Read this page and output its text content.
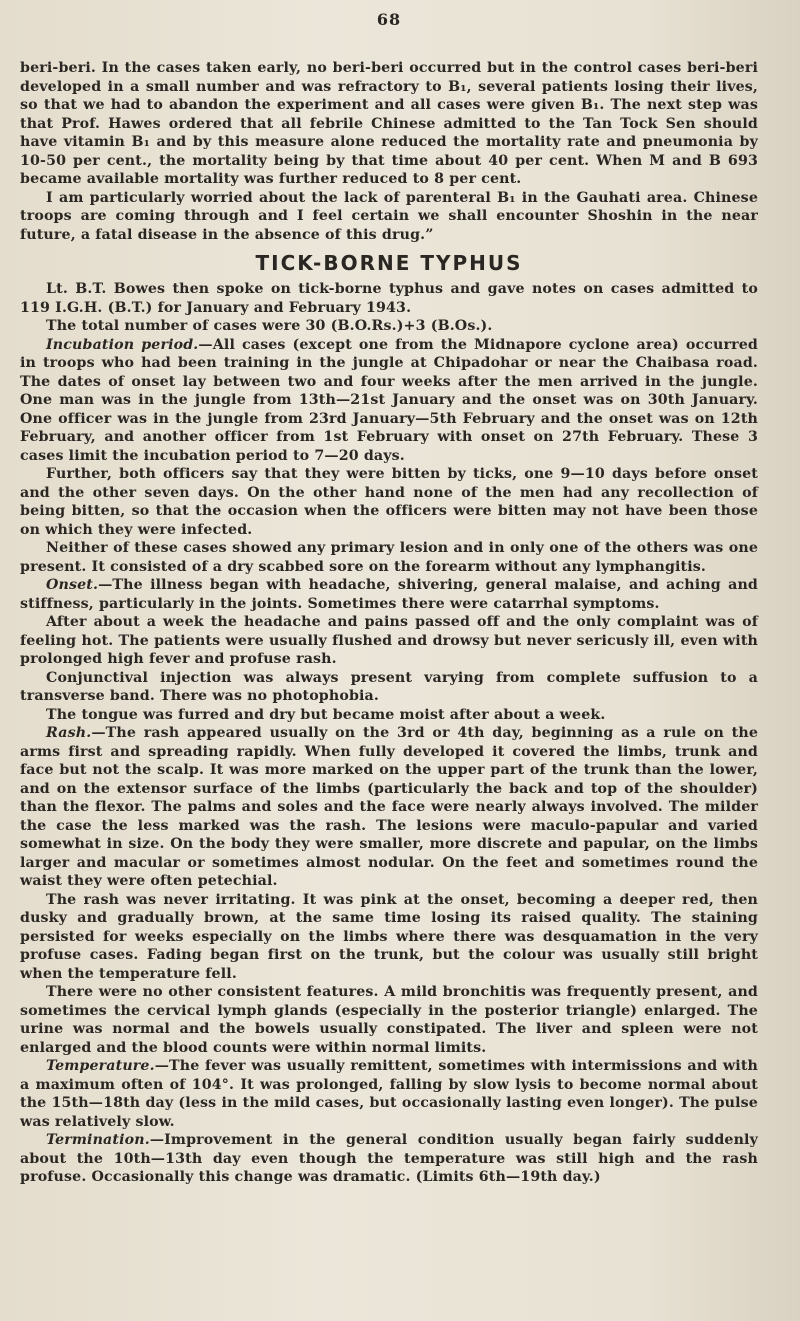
68

beri-beri. In the cases taken early, no beri-beri occurred but in the control cases beri-beri developed in a small number and was refractory to B₁, several patients losing their lives, so that we had to abandon the experiment and all cases were given B₁. The next step was that Prof. Hawes ordered that all febrile Chinese admitted to the Tan Tock Sen should have vitamin B₁ and by this measure alone reduced the mortality rate and pneumonia by 10-50 per cent., the mortality being by that time about 40 per cent. When M and B 693 became available mortality was further reduced to 8 per cent.

I am particularly worried about the lack of parenteral B₁ in the Gauhati area. Chinese troops are coming through and I feel certain we shall encounter Shoshin in the near future, a fatal disease in the absence of this drug.”

TICK-BORNE TYPHUS

Lt. B.T. Bowes then spoke on tick-borne typhus and gave notes on cases admitted to 119 I.G.H. (B.T.) for January and February 1943.

The total number of cases were 30 (B.O.Rs.)+3 (B.Os.).

Incubation period.—All cases (except one from the Midnapore cyclone area) occurred in troops who had been training in the jungle at Chipadohar or near the Chaibasa road. The dates of onset lay between two and four weeks after the men arrived in the jungle. One man was in the jungle from 13th—21st January and the onset was on 30th January. One officer was in the jungle from 23rd January—5th February and the onset was on 12th February, and another officer from 1st February with onset on 27th February. These 3 cases limit the incubation period to 7—20 days.

Further, both officers say that they were bitten by ticks, one 9—10 days before onset and the other seven days. On the other hand none of the men had any recollection of being bitten, so that the occasion when the officers were bitten may not have been those on which they were infected.

Neither of these cases showed any primary lesion and in only one of the others was one present. It consisted of a dry scabbed sore on the forearm without any lymphangitis.

Onset.—The illness began with headache, shivering, general malaise, and aching and stiffness, particularly in the joints. Sometimes there were catarrhal symptoms.

After about a week the headache and pains passed off and the only complaint was of feeling hot. The patients were usually flushed and drowsy but never sericusly ill, even with prolonged high fever and profuse rash.

Conjunctival injection was always present varying from complete suffusion to a transverse band. There was no photophobia.

The tongue was furred and dry but became moist after about a week.

Rash.—The rash appeared usually on the 3rd or 4th day, beginning as a rule on the arms first and spreading rapidly. When fully developed it covered the limbs, trunk and face but not the scalp. It was more marked on the upper part of the trunk than the lower, and on the extensor surface of the limbs (particularly the back and top of the shoulder) than the flexor. The palms and soles and the face were nearly always involved. The milder the case the less marked was the rash. The lesions were maculo-papular and varied somewhat in size. On the body they were smaller, more discrete and papular, on the limbs larger and macular or sometimes almost nodular. On the feet and sometimes round the waist they were often petechial.

The rash was never irritating. It was pink at the onset, becoming a deeper red, then dusky and gradually brown, at the same time losing its raised quality. The staining persisted for weeks especially on the limbs where there was desquamation in the very profuse cases. Fading began first on the trunk, but the colour was usually still bright when the temperature fell.

There were no other consistent features. A mild bronchitis was frequently present, and sometimes the cervical lymph glands (especially in the posterior triangle) enlarged. The urine was normal and the bowels usually constipated. The liver and spleen were not enlarged and the blood counts were within normal limits.

Temperature.—The fever was usually remittent, sometimes with intermissions and with a maximum often of 104°. It was prolonged, falling by slow lysis to become normal about the 15th—18th day (less in the mild cases, but occasionally lasting even longer). The pulse was relatively slow.

Termination.—Improvement in the general condition usually began fairly suddenly about the 10th—13th day even though the temperature was still high and the rash profuse. Occasionally this change was dramatic. (Limits 6th—19th day.)
